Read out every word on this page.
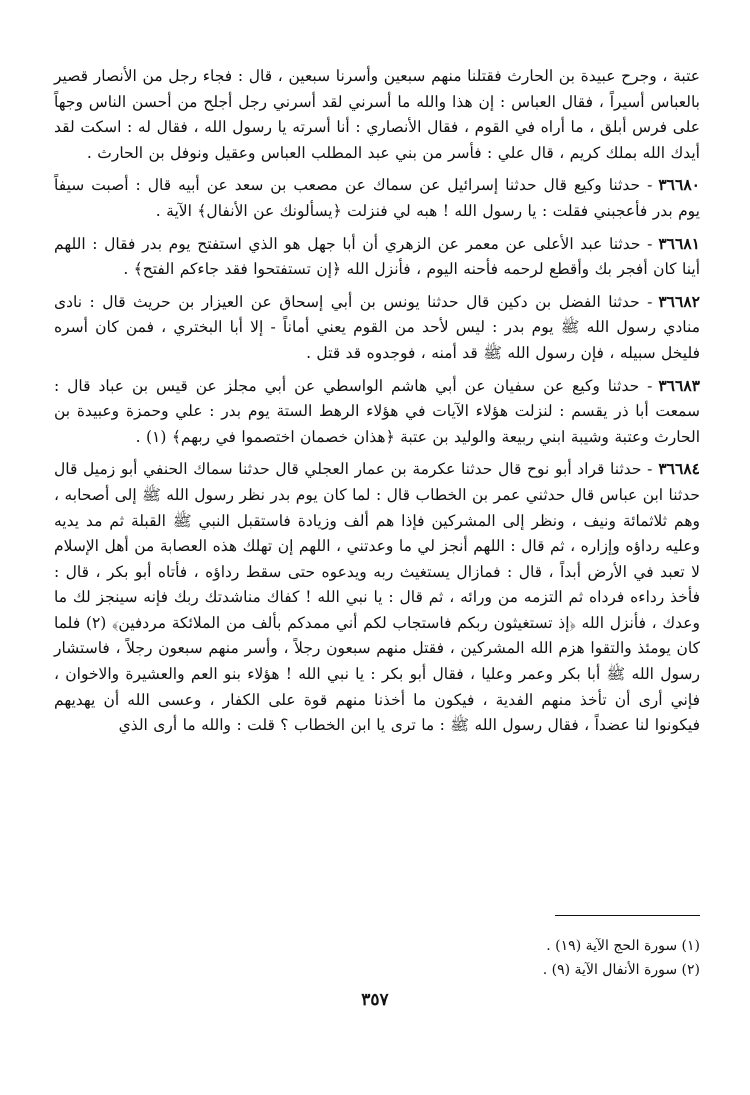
عتبة ، وجرح عبيدة بن الحارث فقتلنا منهم سبعين وأسرنا سبعين ، قال : فجاء رجل من الأنصار قصير بالعباس أسيراً ، فقال العباس : إن هذا والله ما أسرني لقد أسرني رجل أجلح من أحسن الناس وجهاً على فرس أبلق ، ما أراه في القوم ، فقال الأنصاري : أنا أسرته يا رسول الله ، فقال له : اسكت لقد أيدك الله بملك كريم ، قال علي : فأسر من بني عبد المطلب العباس وعقيل ونوفل بن الحارث .

٣٦٦٨٠- حدثنا وكيع قال حدثنا إسرائيل عن سماك عن مصعب بن سعد عن أبيه قال : أصبت سيفاً يوم بدر فأعجبني فقلت : يا رسول الله ! هبه لي فنزلت ﴿يسألونك عن الأنفال﴾ الآية .

٣٦٦٨١- حدثنا عبد الأعلى عن معمر عن الزهري أن أبا جهل هو الذي استفتح يوم بدر فقال : اللهم أينا كان أفجر بك وأقطع لرحمه فأحنه اليوم ، فأنزل الله ﴿إن تستفتحوا فقد جاءكم الفتح﴾ .

٣٦٦٨٢- حدثنا الفضل بن دكين قال حدثنا يونس بن أبي إسحاق عن العيزار بن حريث قال : نادى منادي رسول الله ﷺ يوم بدر : ليس لأحد من القوم يعني أماناً - إلا أبا البختري ، فمن كان أسره فليخل سبيله ، فإن رسول الله ﷺ قد أمنه ، فوجدوه قد قتل .

٣٦٦٨٣- حدثنا وكيع عن سفيان عن أبي هاشم الواسطي عن أبي مجلز عن قيس بن عباد قال : سمعت أبا ذر يقسم : لنزلت هؤلاء الآيات في هؤلاء الرهط الستة يوم بدر : علي وحمزة وعبيدة بن الحارث وعتبة وشيبة ابني ربيعة والوليد بن عتبة ﴿هذان خصمان اختصموا في ربهم﴾ (١) .

٣٦٦٨٤- حدثنا قراد أبو نوح قال حدثنا عكرمة بن عمار العجلي قال حدثنا سماك الحنفي أبو زميل قال حدثنا ابن عباس قال حدثني عمر بن الخطاب قال : لما كان يوم بدر نظر رسول الله ﷺ إلى أصحابه ، وهم ثلاثمائة ونيف ، ونظر إلى المشركين فإذا هم ألف وزيادة فاستقبل النبي ﷺ القبلة ثم مد يديه وعليه رداؤه وإزاره ، ثم قال : اللهم أنجز لي ما وعدتني ، اللهم إن تهلك هذه العصابة من أهل الإسلام لا تعبد في الأرض أبداً ، قال : فمازال يستغيث ربه ويدعوه حتى سقط رداؤه ، فأتاه أبو بكر ، قال : فأخذ رداءه فرداه ثم التزمه من ورائه ، ثم قال : يا نبي الله ! كفاك مناشدتك ربك فإنه سينجز لك ما وعدك ، فأنزل الله ﴿إذ تستغيثون ربكم فاستجاب لكم أني ممدكم بألف من الملائكة مردفين﴾ (٢) فلما كان يومئذ والتقوا هزم الله المشركين ، فقتل منهم سبعون رجلاً ، وأسر منهم سبعون رجلاً ، فاستشار رسول الله ﷺ أبا بكر وعمر وعليا ، فقال أبو بكر : يا نبي الله ! هؤلاء بنو العم والعشيرة والاخوان ، فإني أرى أن تأخذ منهم الفدية ، فيكون ما أخذنا منهم قوة على الكفار ، وعسى الله أن يهديهم فيكونوا لنا عضداً ، فقال رسول الله ﷺ : ما ترى يا ابن الخطاب ؟ قلت : والله ما أرى الذي

(١) سورة الحج الآية (١٩) .
(٢) سورة الأنفال الآية (٩) .
٣٥٧
